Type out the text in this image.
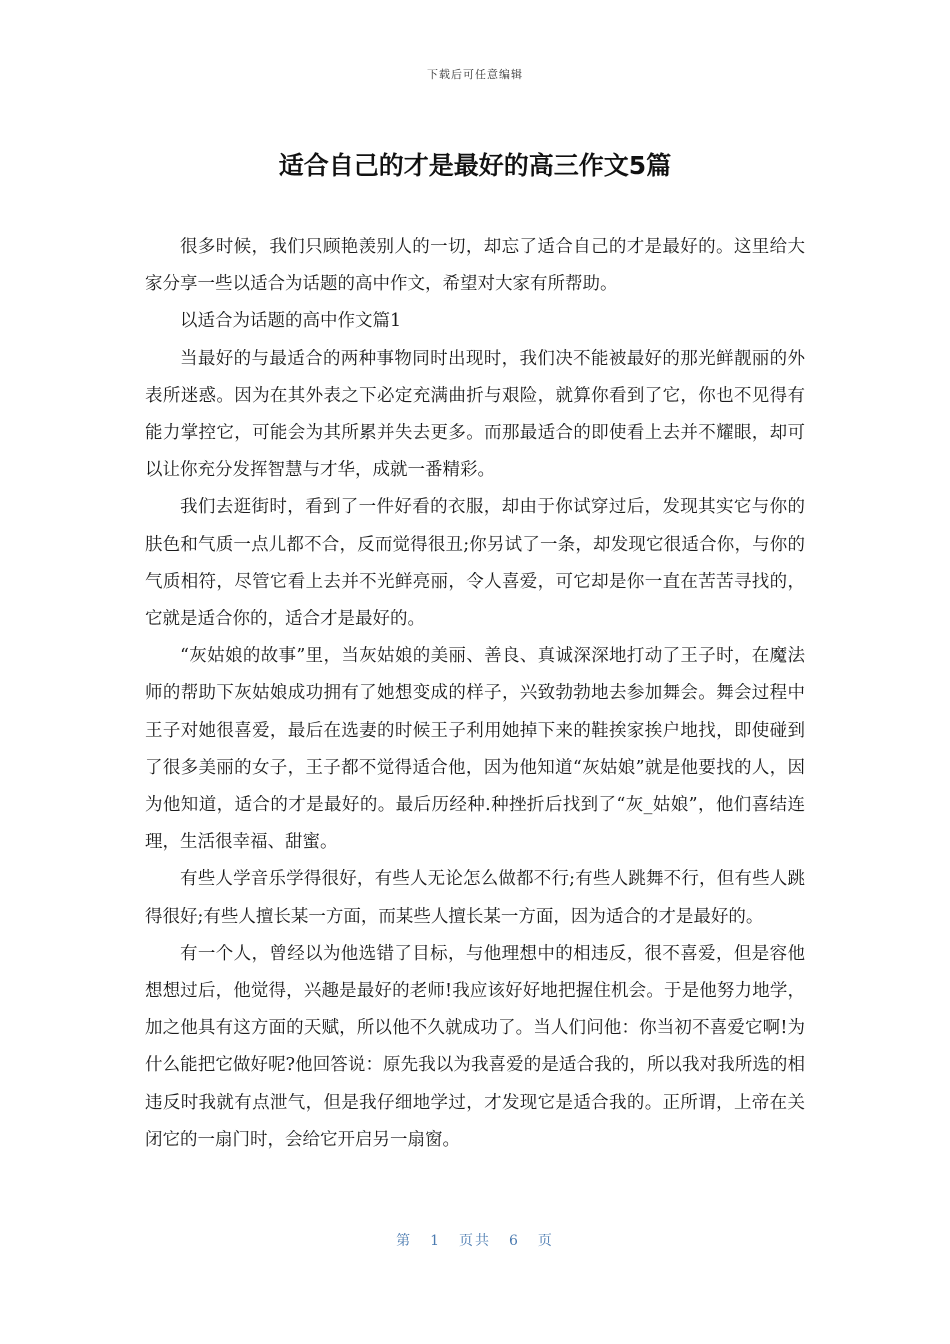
下载后可任意编辑
适合自己的才是最好的高三作文5篇

很多时候，我们只顾艳羡别人的一切，却忘了适合自己的才是最好的。这里给大家分享一些以适合为话题的高中作文，希望对大家有所帮助。

以适合为话题的高中作文篇1

当最好的与最适合的两种事物同时出现时，我们决不能被最好的那光鲜靓丽的外表所迷惑。因为在其外表之下必定充满曲折与艰险，就算你看到了它，你也不见得有能力掌控它，可能会为其所累并失去更多。而那最适合的即使看上去并不耀眼，却可以让你充分发挥智慧与才华，成就一番精彩。

我们去逛街时，看到了一件好看的衣服，却由于你试穿过后，发现其实它与你的肤色和气质一点儿都不合，反而觉得很丑;你另试了一条，却发现它很适合你，与你的气质相符，尽管它看上去并不光鲜亮丽，令人喜爱，可它却是你一直在苦苦寻找的，它就是适合你的，适合才是最好的。

“灰姑娘的故事”里，当灰姑娘的美丽、善良、真诚深深地打动了王子时，在魔法师的帮助下灰姑娘成功拥有了她想变成的样子，兴致勃勃地去参加舞会。舞会过程中王子对她很喜爱，最后在选妻的时候王子利用她掉下来的鞋挨家挨户地找，即使碰到了很多美丽的女子，王子都不觉得适合他，因为他知道“灰姑娘”就是他要找的人，因为他知道，适合的才是最好的。最后历经种.种挫折后找到了“灰_姑娘”，他们喜结连理，生活很幸福、甜蜜。

有些人学音乐学得很好，有些人无论怎么做都不行;有些人跳舞不行，但有些人跳得很好;有些人擅长某一方面，而某些人擅长某一方面，因为适合的才是最好的。

有一个人，曾经以为他选错了目标，与他理想中的相违反，很不喜爱，但是容他想想过后，他觉得，兴趣是最好的老师!我应该好好地把握住机会。于是他努力地学，加之他具有这方面的天赋，所以他不久就成功了。当人们问他：你当初不喜爱它啊!为什么能把它做好呢?他回答说：原先我以为我喜爱的是适合我的，所以我对我所选的相违反时我就有点泄气，但是我仔细地学过，才发现它是适合我的。正所谓，上帝在关闭它的一扇门时，会给它开启另一扇窗。

第 1 页共 6 页
